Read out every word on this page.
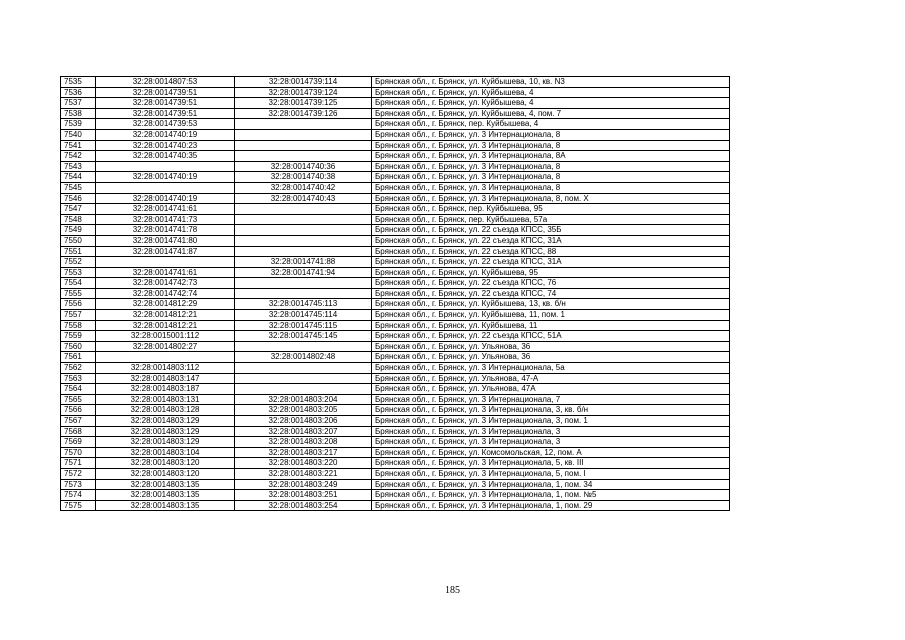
7535	32:28:0014807:53	32:28:0014739:114	Брянская обл., г. Брянск, ул. Куйбышева, 10, кв. N3
7536	32:28:0014739:51	32:28:0014739:124	Брянская обл., г. Брянск, ул. Куйбышева, 4
7537	32:28:0014739:51	32:28:0014739:125	Брянская обл., г. Брянск, ул. Куйбышева, 4
7538	32:28:0014739:51	32:28:0014739:126	Брянская обл., г. Брянск, ул. Куйбышева, 4, пом. 7
7539	32:28:0014739:53		Брянская обл., г. Брянск, пер. Куйбышева, 4
7540	32:28:0014740:19		Брянская обл., г. Брянск, ул. 3 Интернационала, 8
7541	32:28:0014740:23		Брянская обл., г. Брянск, ул. 3 Интернационала, 8
7542	32:28:0014740:35		Брянская обл., г. Брянск, ул. 3 Интернационала, 8А
7543		32:28:0014740:36	Брянская обл., г. Брянск, ул. 3 Интернационала, 8
7544	32:28:0014740:19	32:28:0014740:38	Брянская обл., г. Брянск, ул. 3 Интернационала, 8
7545		32:28:0014740:42	Брянская обл., г. Брянск, ул. 3 Интернационала, 8
7546	32:28:0014740:19	32:28:0014740:43	Брянская обл., г. Брянск, ул. 3 Интернационала, 8, пом. X
7547	32:28:0014741:61		Брянская обл., г. Брянск, пер. Куйбышева, 95
7548	32:28:0014741:73		Брянская обл., г. Брянск, пер. Куйбышева, 57а
7549	32:28:0014741:78		Брянская обл., г. Брянск, ул. 22 съезда КПСС, 35Б
7550	32:28:0014741:80		Брянская обл., г. Брянск, ул. 22 съезда КПСС, 31А
7551	32:28:0014741:87		Брянская обл., г. Брянск, ул. 22 съезда КПСС, 88
7552		32:28:0014741:88	Брянская обл., г. Брянск, ул. 22 съезда КПСС, 31А
7553	32:28:0014741:61	32:28:0014741:94	Брянская обл., г. Брянск, ул. Куйбышева, 95
7554	32:28:0014742:73		Брянская обл., г. Брянск, ул. 22 съезда КПСС, 76
7555	32:28:0014742:74		Брянская обл., г. Брянск, ул. 22 съезда КПСС, 74
7556	32:28:0014812:29	32:28:0014745:113	Брянская обл., г. Брянск, ул. Куйбышева, 13, кв. б/н
7557	32:28:0014812:21	32:28:0014745:114	Брянская обл., г. Брянск, ул. Куйбышева, 11, пом. 1
7558	32:28:0014812:21	32:28:0014745:115	Брянская обл., г. Брянск, ул. Куйбышева, 11
7559	32:28:0015001:112	32:28:0014745:145	Брянская обл., г. Брянск, ул. 22 съезда КПСС, 51А
7560	32:28:0014802:27		Брянская обл., г. Брянск, ул. Ульянова, 36
7561		32:28:0014802:48	Брянская обл., г. Брянск, ул. Ульянова, 36
7562	32:28:0014803:112		Брянская обл., г. Брянск, ул. 3 Интернационала, 5а
7563	32:28:0014803:147		Брянская обл., г. Брянск, ул. Ульянова, 47-А
7564	32:28:0014803:187		Брянская обл., г. Брянск, ул. Ульянова, 47А
7565	32:28:0014803:131	32:28:0014803:204	Брянская обл., г. Брянск, ул. 3 Интернационала, 7
7566	32:28:0014803:128	32:28:0014803:205	Брянская обл., г. Брянск, ул. 3 Интернационала, 3, кв. б/н
7567	32:28:0014803:129	32:28:0014803:206	Брянская обл., г. Брянск, ул. 3 Интернационала, 3, пом. 1
7568	32:28:0014803:129	32:28:0014803:207	Брянская обл., г. Брянск, ул. 3 Интернационала, 3
7569	32:28:0014803:129	32:28:0014803:208	Брянская обл., г. Брянск, ул. 3 Интернационала, 3
7570	32:28:0014803:104	32:28:0014803:217	Брянская обл., г. Брянск, ул. Комсомольская, 12, пом. А
7571	32:28:0014803:120	32:28:0014803:220	Брянская обл., г. Брянск, ул. 3 Интернационала, 5, кв. III
7572	32:28:0014803:120	32:28:0014803:221	Брянская обл., г. Брянск, ул. 3 Интернационала, 5, пом. I
7573	32:28:0014803:135	32:28:0014803:249	Брянская обл., г. Брянск, ул. 3 Интернационала, 1, пом. 34
7574	32:28:0014803:135	32:28:0014803:251	Брянская обл., г. Брянск, ул. 3 Интернационала, 1, пом. №5
7575	32:28:0014803:135	32:28:0014803:254	Брянская обл., г. Брянск, ул. 3 Интернационала, 1, пом. 29
185
